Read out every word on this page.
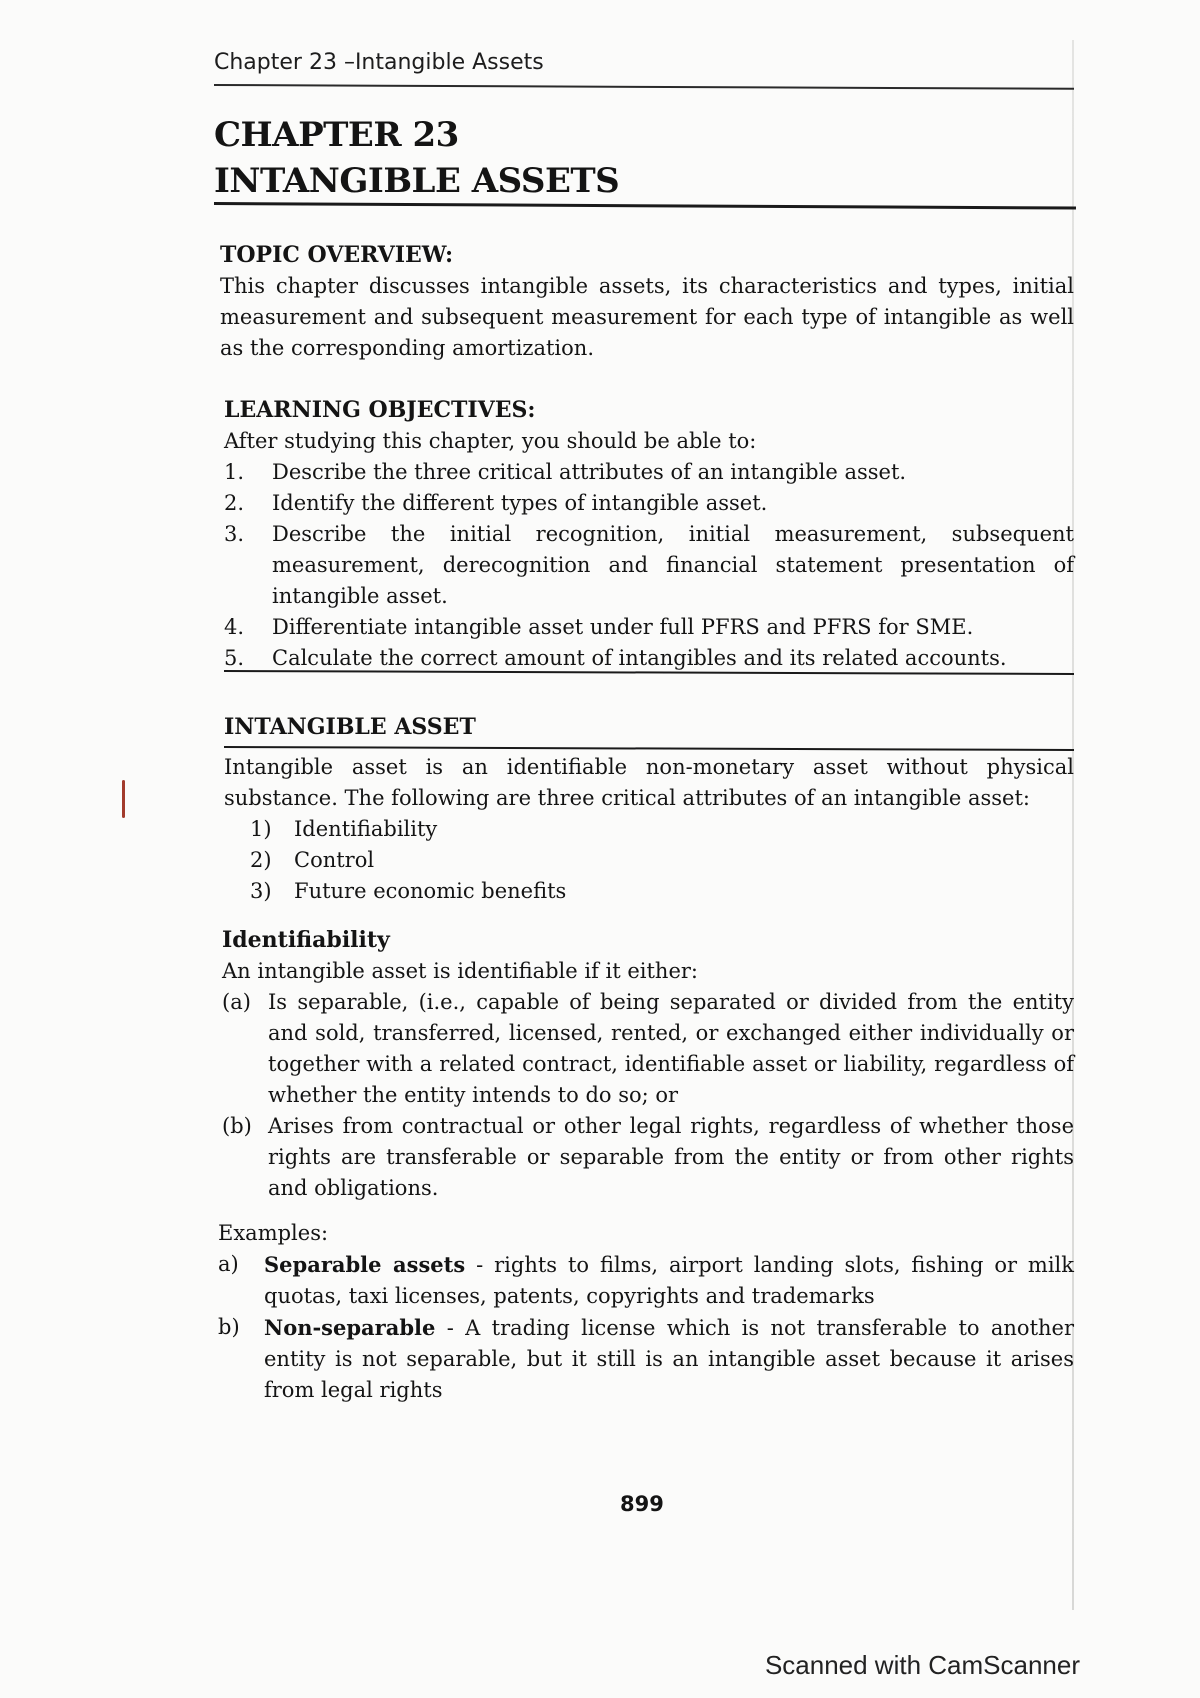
Chapter 23 –Intangible Assets
CHAPTER 23
INTANGIBLE ASSETS
TOPIC OVERVIEW:
This chapter discusses intangible assets, its characteristics and types, initial measurement and subsequent measurement for each type of intangible as well as the corresponding amortization.
LEARNING OBJECTIVES:
After studying this chapter, you should be able to:
1. Describe the three critical attributes of an intangible asset.
2. Identify the different types of intangible asset.
3. Describe the initial recognition, initial measurement, subsequent measurement, derecognition and financial statement presentation of intangible asset.
4. Differentiate intangible asset under full PFRS and PFRS for SME.
5. Calculate the correct amount of intangibles and its related accounts.
INTANGIBLE ASSET
Intangible asset is an identifiable non-monetary asset without physical substance. The following are three critical attributes of an intangible asset:
1) Identifiability
2) Control
3) Future economic benefits
Identifiability
An intangible asset is identifiable if it either:
(a) Is separable, (i.e., capable of being separated or divided from the entity and sold, transferred, licensed, rented, or exchanged either individually or together with a related contract, identifiable asset or liability, regardless of whether the entity intends to do so; or
(b) Arises from contractual or other legal rights, regardless of whether those rights are transferable or separable from the entity or from other rights and obligations.
Examples:
a) Separable assets - rights to films, airport landing slots, fishing or milk quotas, taxi licenses, patents, copyrights and trademarks
b) Non-separable - A trading license which is not transferable to another entity is not separable, but it still is an intangible asset because it arises from legal rights
899
Scanned with CamScanner
